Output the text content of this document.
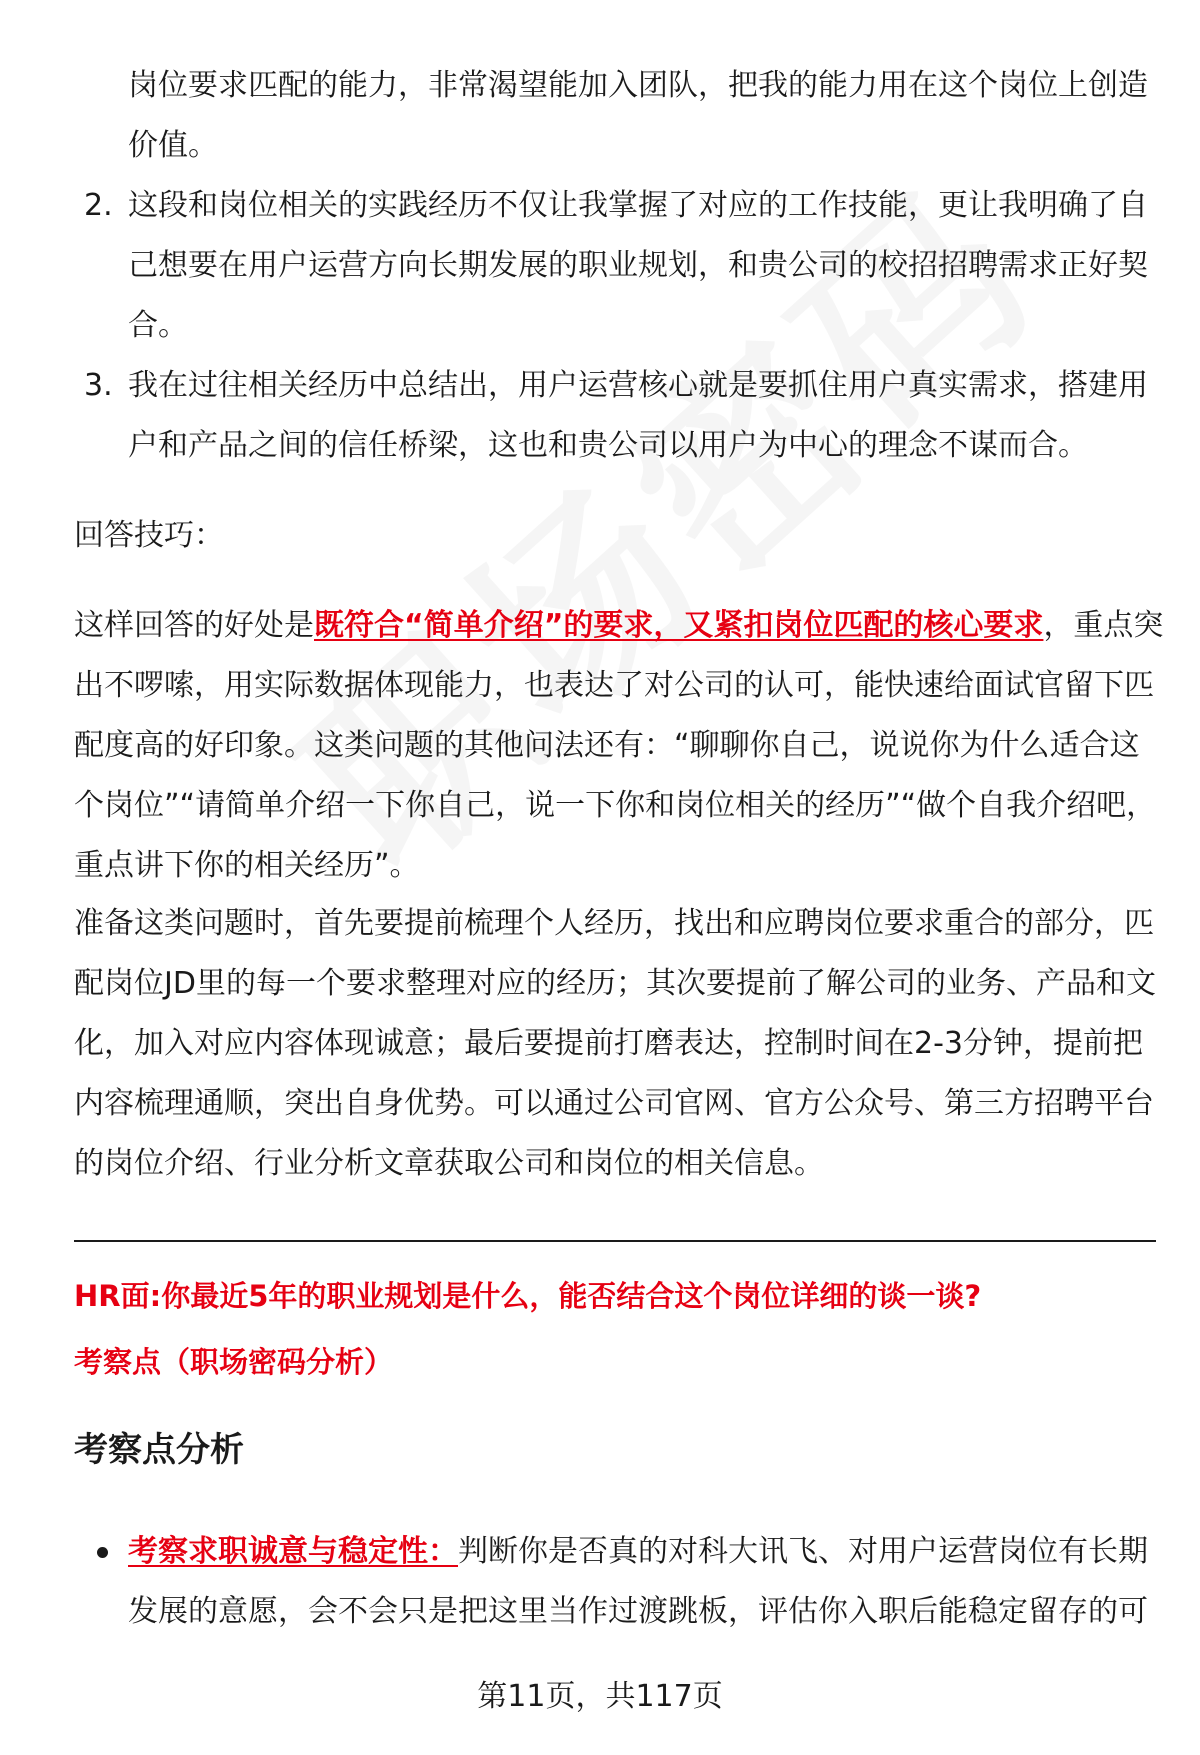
岗位要求匹配的能力，非常渴望能加入团队，把我的能力用在这个岗位上创造价值。
2. 这段和岗位相关的实践经历不仅让我掌握了对应的工作技能，更让我明确了自己想要在用户运营方向长期发展的职业规划，和贵公司的校招招聘需求正好契合。
3. 我在过往相关经历中总结出，用户运营核心就是要抓住用户真实需求，搭建用户和产品之间的信任桥梁，这也和贵公司以用户为中心的理念不谋而合。
回答技巧：
这样回答的好处是既符合“简单介绍”的要求，又紧扣岗位匹配的核心要求，重点突出不啰嗦，用实际数据体现能力，也表达了对公司的认可，能快速给面试官留下匹配度高的好印象。这类问题的其他问法还有：“聊聊你自己，说说你为什么适合这个岗位”“请简单介绍一下你自己，说一下你和岗位相关的经历”“做个自我介绍吧，重点讲下你的相关经历”。
准备这类问题时，首先要提前梳理个人经历，找出和应聘岗位要求重合的部分，匹配岗位JD里的每一个要求整理对应的经历；其次要提前了解公司的业务、产品和文化，加入对应内容体现诚意；最后要提前打磨表达，控制时间在2-3分钟，提前把内容梳理通顺，突出自身优势。可以通过公司官网、官方公众号、第三方招聘平台的岗位介绍、行业分析文章获取公司和岗位的相关信息。
HR面:你最近5年的职业规划是什么，能否结合这个岗位详细的谈一谈?
考察点（职场密码分析）
考察点分析
考察求职诚意与稳定性：判断你是否真的对科大讯飞、对用户运营岗位有长期发展的意愿，会不会只是把这里当作过渡跳板，评估你入职后能稳定留存的可
第11页，共117页
